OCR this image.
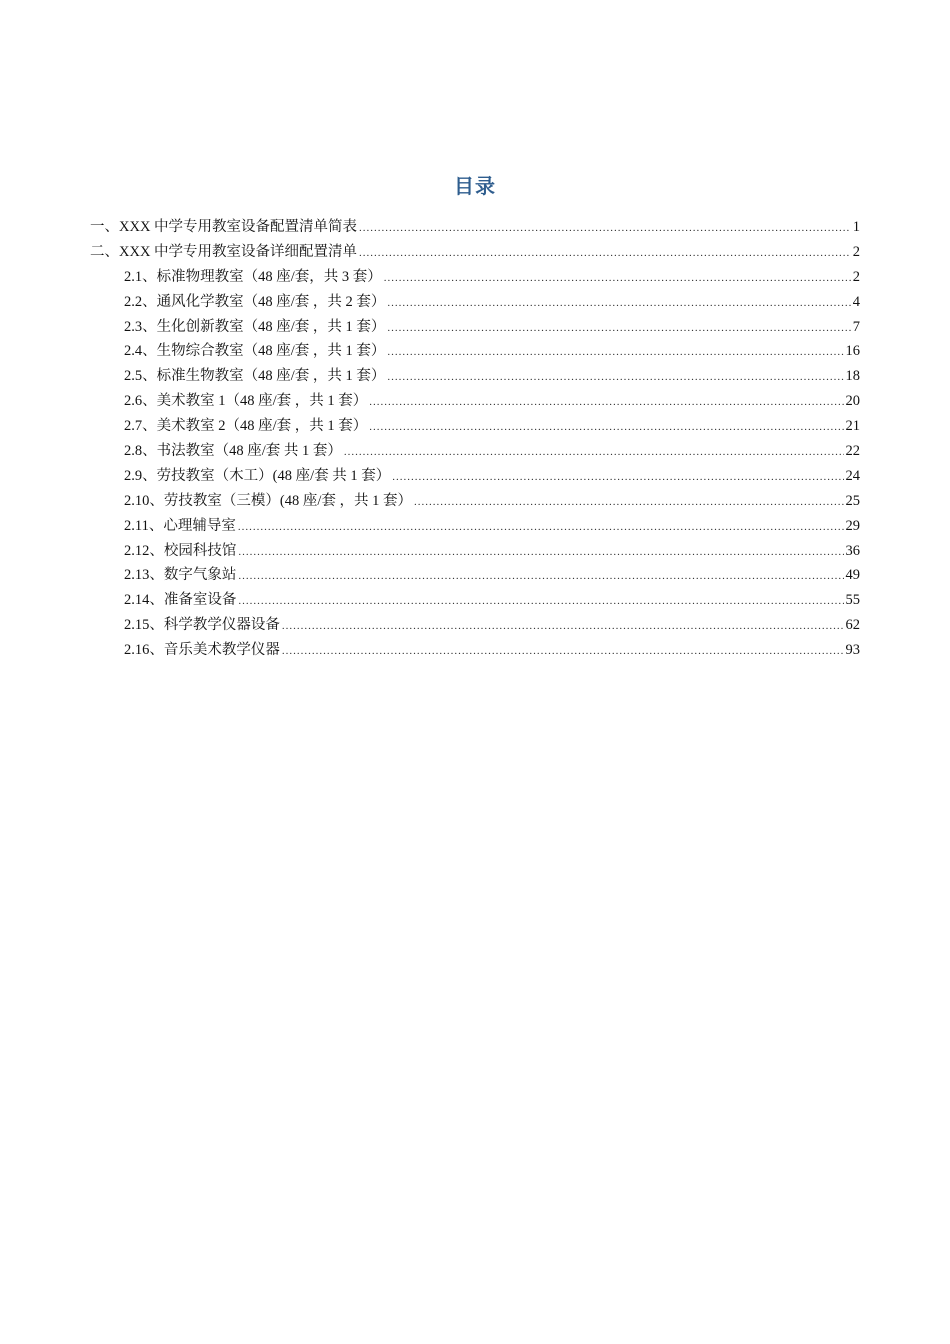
目录
一、XXX 中学专用教室设备配置清单简表 .....	1
二、XXX 中学专用教室设备详细配置清单 .....	2
2.1、标准物理教室（48 座/套，共 3 套） .....	2
2.2、通风化学教室（48 座/套 ，共 2 套） .....	4
2.3、生化创新教室（48 座/套 ，共 1 套） .....	7
2.4、生物综合教室（48 座/套 ，共 1 套） .....	16
2.5、标准生物教室（48 座/套 ，共 1 套） .....	18
2.6、美术教室 1（48 座/套 ，共 1 套） .....	20
2.7、美术教室 2（48 座/套 ，共 1 套） .....	21
2.8、书法教室（48 座/套 共 1 套） .....	22
2.9、劳技教室（木工）(48 座/套 共 1 套） .....	24
2.10、劳技教室（三模）(48 座/套 ，共 1 套） .....	25
2.11、心理辅导室 .....	29
2.12、校园科技馆 .....	36
2.13、数字气象站 .....	49
2.14、准备室设备 .....	55
2.15、科学教学仪器设备 .....	62
2.16、音乐美术教学仪器 .....	93
